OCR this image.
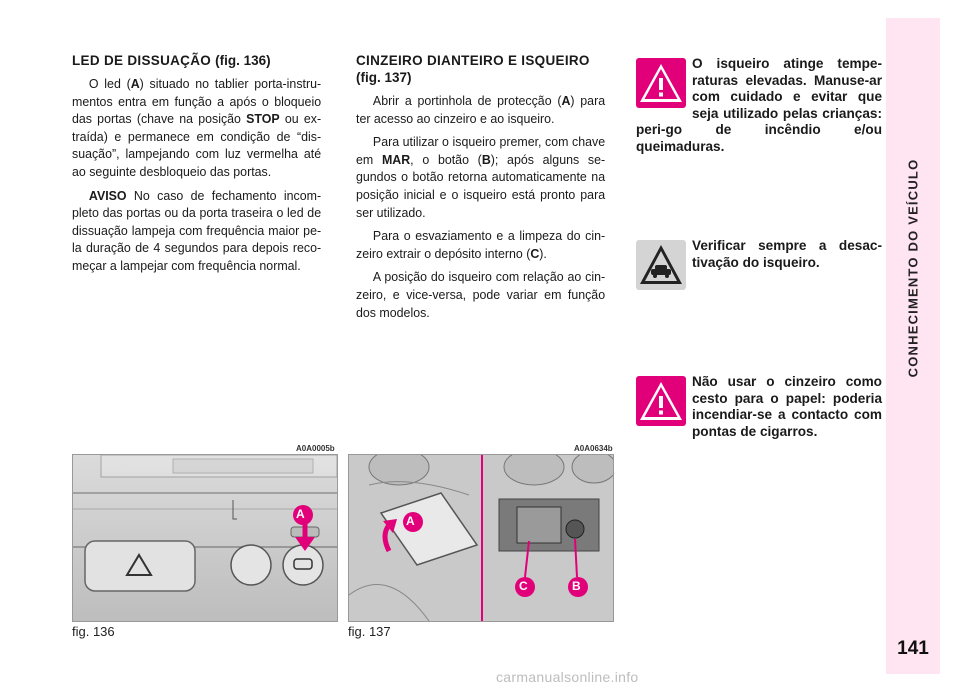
LED DE DISSUAÇÃO (fig. 136)

O led (A) situado no tablier porta-instru-mentos entra em função a após o bloqueio das portas (chave na posição STOP ou ex-traída) e permanece em condição de “dis-suação”, lampejando com luz vermelha até ao seguinte desbloqueio das portas.

AVISO No caso de fechamento incom-pleto das portas ou da porta traseira o led de dissuação lampeja com frequência maior pe-la duração de 4 segundos para depois reco-meçar a lampejar com frequência normal.

CINZEIRO DIANTEIRO E ISQUEIRO (fig. 137)

Abrir a portinhola de protecção (A) para ter acesso ao cinzeiro e ao isqueiro.

Para utilizar o isqueiro premer, com chave em MAR, o botão (B); após alguns se-gundos o botão retorna automaticamente na posição inicial e o isqueiro está pronto para ser utilizado.

Para o esvaziamento e a limpeza do cin-zeiro extrair o depósito interno (C).

A posição do isqueiro com relação ao cin-zeiro, e vice-versa, pode variar em função dos modelos.

O isqueiro atinge tempe-raturas elevadas. Manuse-ar com cuidado e evitar que seja utilizado pelas crianças: peri-go de incêndio e/ou queimaduras.
Verificar sempre a desac-tivação do isqueiro.
Não usar o cinzeiro como cesto para o papel: poderia incendiar-se a contacto com pontas de cigarros.
CONHECIMENTO DO VEÍCULO
141
A0A0005b
A
fig. 136
A0A0634b
A
C	B
fig. 137
carmanualsonline.info
